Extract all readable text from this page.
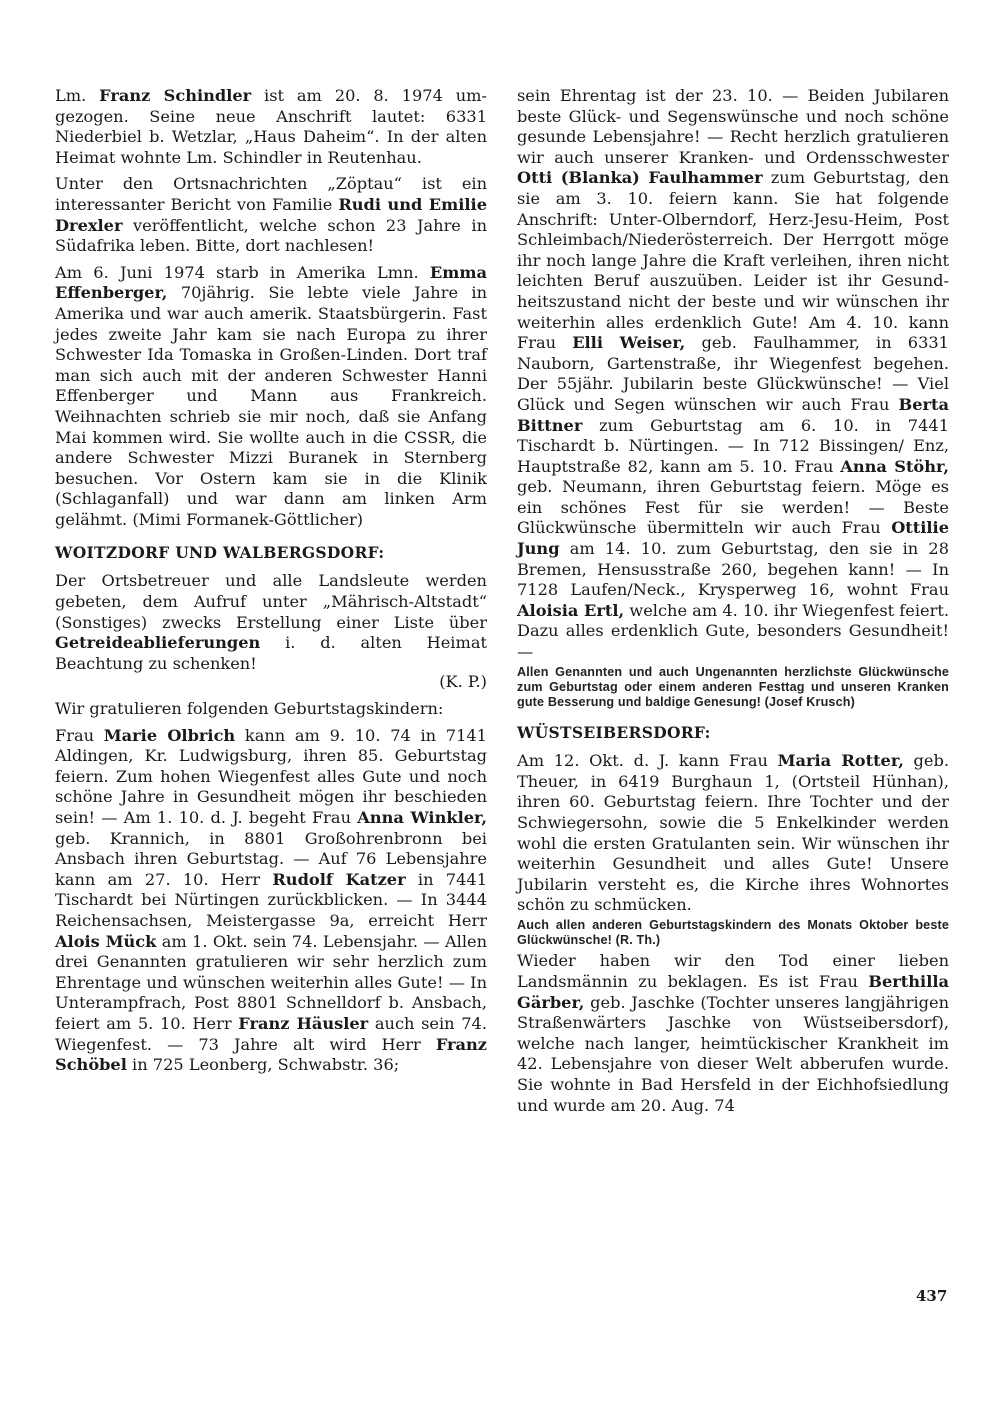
Lm. Franz Schindler ist am 20. 8. 1974 umgezogen. Seine neue Anschrift lautet: 6331 Niederbiel b. Wetzlar, „Haus Daheim“. In der alten Heimat wohnte Lm. Schindler in Reutenhau.

Unter den Ortsnachrichten „Zöptau“ ist ein interessanter Bericht von Familie Rudi und Emilie Drexler veröffentlicht, welche schon 23 Jahre in Südafrika leben. Bitte, dort nachlesen!

Am 6. Juni 1974 starb in Amerika Lmn. Emma Effenberger, 70jährig. Sie lebte viele Jahre in Amerika und war auch amerik. Staatsbürgerin. Fast jedes zweite Jahr kam sie nach Europa zu ihrer Schwester Ida Tomaska in Großen-Linden. Dort traf man sich auch mit der anderen Schwester Hanni Effenberger und Mann aus Frankreich. Weihnachten schrieb sie mir noch, daß sie Anfang Mai kommen wird. Sie wollte auch in die CSSR, die andere Schwester Mizzi Buranek in Sternberg besuchen. Vor Ostern kam sie in die Klinik (Schlaganfall) und war dann am linken Arm gelähmt. (Mimi Formanek-Göttlicher)

WOITZDORF UND WALBERGSDORF:

Der Ortsbetreuer und alle Landsleute werden gebeten, dem Aufruf unter „Mährisch-Altstadt“ (Sonstiges) zwecks Erstellung einer Liste über Getreideablieferungen i. d. alten Heimat Beachtung zu schenken!

(K. P.)

Wir gratulieren folgenden Geburtstagskindern:

Frau Marie Olbrich kann am 9. 10. 74 in 7141 Aldingen, Kr. Ludwigsburg, ihren 85. Geburtstag feiern. Zum hohen Wiegenfest alles Gute und noch schöne Jahre in Gesundheit mögen ihr beschieden sein! — Am 1. 10. d. J. begeht Frau Anna Winkler, geb. Krannich, in 8801 Großohrenbronn bei Ansbach ihren Geburtstag. — Auf 76 Lebensjahre kann am 27. 10. Herr Rudolf Katzer in 7441 Tischardt bei Nürtingen zurückblicken. — In 3444 Reichensachsen, Meistergasse 9a, erreicht Herr Alois Mück am 1. Okt. sein 74. Lebensjahr. — Allen drei Genannten gratulieren wir sehr herzlich zum Ehrentage und wünschen weiterhin alles Gute! — In Unterampfrach, Post 8801 Schnelldorf b. Ansbach, feiert am 5. 10. Herr Franz Häusler auch sein 74. Wiegenfest. — 73 Jahre alt wird Herr Franz Schöbel in 725 Leonberg, Schwabstr. 36;

sein Ehrentag ist der 23. 10. — Beiden Jubilaren beste Glück- und Segenswünsche und noch schöne gesunde Lebensjahre! — Recht herzlich gratulieren wir auch unserer Kranken- und Ordensschwester Otti (Blanka) Faulhammer zum Geburtstag, den sie am 3. 10. feiern kann. Sie hat folgende Anschrift: Unter-Olberndorf, Herz-Jesu-Heim, Post Schleimbach/Niederösterreich. Der Herrgott möge ihr noch lange Jahre die Kraft verleihen, ihren nicht leichten Beruf auszuüben. Leider ist ihr Gesundheitszustand nicht der beste und wir wünschen ihr weiterhin alles erdenklich Gute! Am 4. 10. kann Frau Elli Weiser, geb. Faulhammer, in 6331 Nauborn, Gartenstraße, ihr Wiegenfest begehen. Der 55jähr. Jubilarin beste Glückwünsche! — Viel Glück und Segen wünschen wir auch Frau Berta Bittner zum Geburtstag am 6. 10. in 7441 Tischardt b. Nürtingen. — In 712 Bissingen/ Enz, Hauptstraße 82, kann am 5. 10. Frau Anna Stöhr, geb. Neumann, ihren Geburtstag feiern. Möge es ein schönes Fest für sie werden! — Beste Glückwünsche übermitteln wir auch Frau Ottilie Jung am 14. 10. zum Geburtstag, den sie in 28 Bremen, Hensusstraße 260, begehen kann! — In 7128 Laufen/Neck., Krysperweg 16, wohnt Frau Aloisia Ertl, welche am 4. 10. ihr Wiegenfest feiert. Dazu alles erdenklich Gute, besonders Gesundheit! —

Allen Genannten und auch Ungenannten herzlichste Glückwünsche zum Geburtstag oder einem anderen Festtag und unseren Kranken gute Besserung und baldige Genesung! (Josef Krusch)

WÜSTSEIBERSDORF:

Am 12. Okt. d. J. kann Frau Maria Rotter, geb. Theuer, in 6419 Burghaun 1, (Ortsteil Hünhan), ihren 60. Geburtstag feiern. Ihre Tochter und der Schwiegersohn, sowie die 5 Enkelkinder werden wohl die ersten Gratulanten sein. Wir wünschen ihr weiterhin Gesundheit und alles Gute! Unsere Jubilarin versteht es, die Kirche ihres Wohnortes schön zu schmücken.

Auch allen anderen Geburtstagskindern des Monats Oktober beste Glückwünsche! (R. Th.)

Wieder haben wir den Tod einer lieben Landsmännin zu beklagen. Es ist Frau Berthilla Gärber, geb. Jaschke (Tochter unseres langjährigen Straßenwärters Jaschke von Wüstseibersdorf), welche nach langer, heimtückischer Krankheit im 42. Lebensjahre von dieser Welt abberufen wurde. Sie wohnte in Bad Hersfeld in der Eichhofsiedlung und wurde am 20. Aug. 74

437
